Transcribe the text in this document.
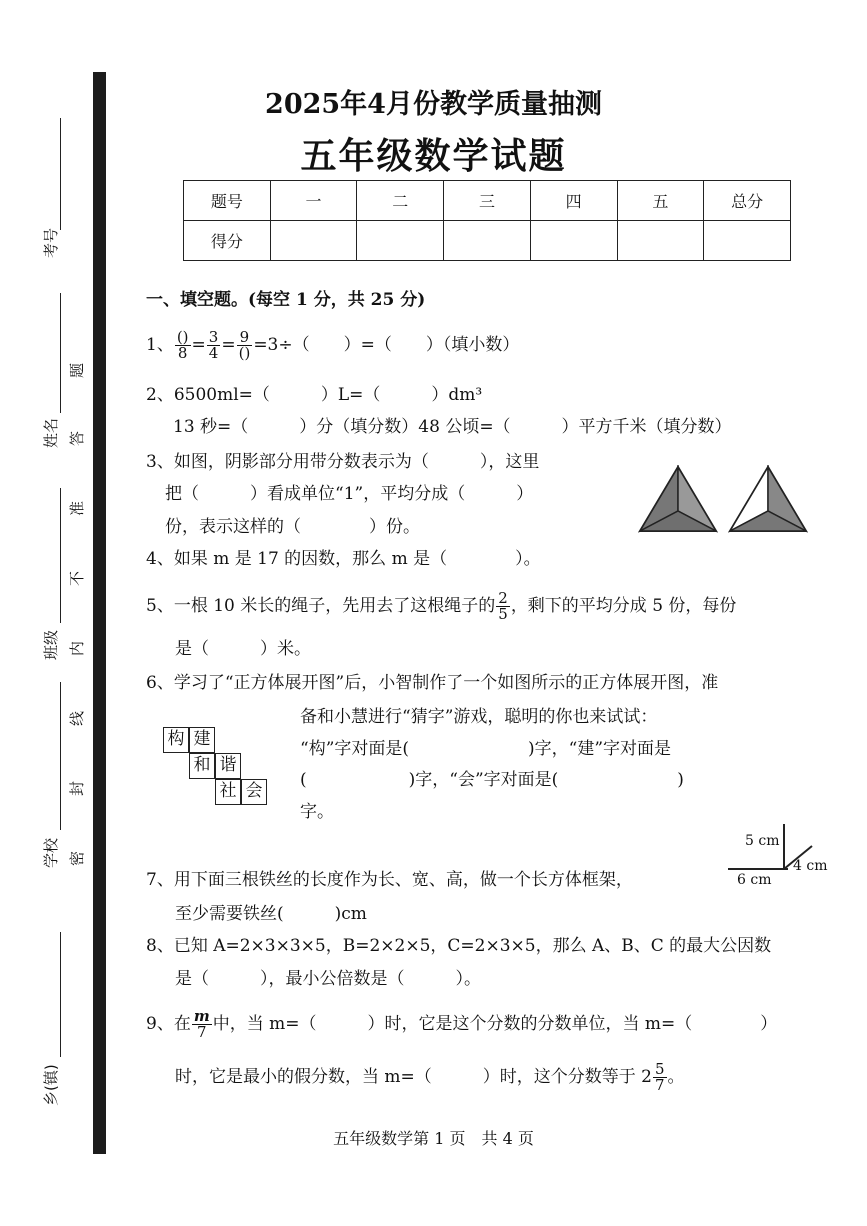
考号
姓名
班级
学校
乡(镇)
题
答
准
不
内
线
封
密
2025年4月份教学质量抽测
五年级数学试题
题号	一	二	三	四	五	总分
得分						
一、填空题。(每空 1 分，共 25 分)
1、 $\frac{()}{8} = \frac{3}{4} = \frac{9}{()} =3\div$（　　）=（　　）（填小数）
2、6500ml=（　　　）L=（　　　）dm³
13 秒=（　　　）分（填分数）48 公顷=（　　　）平方千米（填分数）
3、如图，阴影部分用带分数表示为（　　　），这里
把（　　　）看成单位“1”，平均分成（　　　）
份，表示这样的（　　　　）份。
4、如果 m 是 17 的因数，那么 m 是（　　　　）。
5、一根 10 米长的绳子，先用去了这根绳子的 $\frac{2}{5}$ ，剩下的平均分成 5 份，每份
是（　　　）米。
6、学习了“正方体展开图”后，小智制作了一个如图所示的正方体展开图，准
备和小慧进行“猜字”游戏，聪明的你也来试试：
“构”字对面是(　　　　　　　)字，“建”字对面是
(　　　　　　)字，“会”字对面是(　　　　　　　)
字。
构 建
和 谐
社 会
5 cm
4 cm
6 cm
7、用下面三根铁丝的长度作为长、宽、高，做一个长方体框架，
至少需要铁丝(　　　)cm
8、已知 A=2×3×3×5，B=2×2×5，C=2×3×5，那么 A、B、C 的最大公因数
是（　　　），最小公倍数是（　　　）。
9、在 $\frac{m}{7}$ 中，当 m=（　　　）时，它是这个分数的分数单位，当 m=（　　　　）
时，它是最小的假分数，当 m=（　　　）时，这个分数等于 $2 \frac{5}{7}$ 。
五年级数学第 1 页　共 4 页
